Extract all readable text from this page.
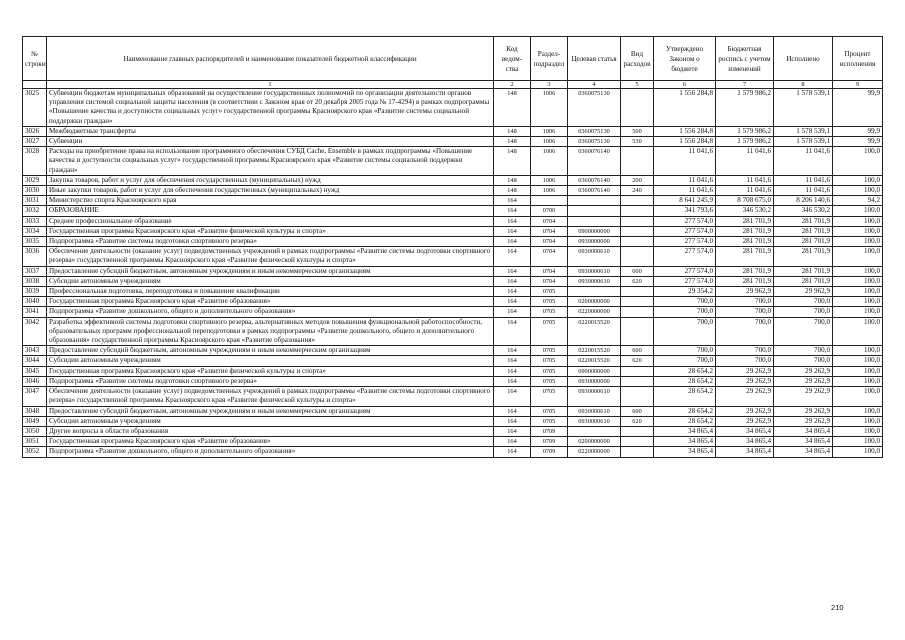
№ строки	Наименование главных распорядителей и наименование показателей бюджетной классификации	Код ведом-ства	Раздел-подраздел	Целевая статья	Вид расходов	Утверждено Законом о бюджете	Бюджетная роспись с учетом изменений	Исполнено	Процент исполнения
	1	2	3	4	5	6	7	8	9
3025	Субвенции бюджетам муниципальных образований на осуществление государственных полномочий по организации деятельности органов управления системой социальной защиты населения (в соответствии с Законом края от 20 декабря 2005 года № 17-4294) в рамках подпрограммы «Повышение качества и доступности социальных услуг» государственной программы Красноярского края «Развитие системы социальной поддержки граждан»	148	1006	0360075130		1 556 284,8	1 579 986,2	1 578 539,1	99,9
3026	Межбюджетные трансферты	148	1006	0360075130	500	1 556 284,8	1 579 986,2	1 578 539,1	99,9
3027	Субвенции	148	1006	0360075130	530	1 556 284,8	1 579 986,2	1 578 539,1	99,9
3028	Расходы на приобретение права на использование программного обеспечения СУБД Cache, Ensemble в рамках подпрограммы «Повышение качества и доступности социальных услуг» государственной программы Красноярского края «Развитие системы социальной поддержки граждан»	148	1006	0360076140		11 041,6	11 041,6	11 041,6	100,0
3029	Закупка товаров, работ и услуг для обеспечения государственных (муниципальных) нужд	148	1006	0360076140	200	11 041,6	11 041,6	11 041,6	100,0
3030	Иные закупки товаров, работ и услуг для обеспечения государственных (муниципальных) нужд	148	1006	0360076140	240	11 041,6	11 041,6	11 041,6	100,0
3031	Министерство спорта Красноярского края	164				8 641 245,9	8 708 675,0	8 206 140,6	94,2
3032	ОБРАЗОВАНИЕ	164	0700			341 793,6	346 530,2	346 530,2	100,0
3033	Среднее профессиональное образование	164	0704			277 574,0	281 701,9	281 701,9	100,0
3034	Государственная программа Красноярского края «Развитие физической культуры и спорта»	164	0704	0900000000		277 574,0	281 701,9	281 701,9	100,0
3035	Подпрограмма «Развитие системы подготовки спортивного резерва»	164	0704	0930000000		277 574,0	281 701,9	281 701,9	100,0
3036	Обеспечение деятельности (оказание услуг) подведомственных учреждений в рамках подпрограммы «Развитие системы подготовки спортивного резерва» государственной программы Красноярского края «Развитие физической культуры и спорта»	164	0704	0930000610		277 574,0	281 701,9	281 701,9	100,0
3037	Предоставление субсидий бюджетным, автономным учреждениям и иным некоммерческим организациям	164	0704	0930000610	600	277 574,0	281 701,9	281 701,9	100,0
3038	Субсидии автономным учреждениям	164	0704	0930000610	620	277 574,0	281 701,9	281 701,9	100,0
3039	Профессиональная подготовка, переподготовка и повышение квалификации	164	0705			29 354,2	29 962,9	29 962,9	100,0
3040	Государственная программа Красноярского края «Развитие образования»	164	0705	0200000000		700,0	700,0	700,0	100,0
3041	Подпрограмма «Развитие дошкольного, общего и дополнительного образования»	164	0705	0220000000		700,0	700,0	700,0	100,0
3042	Разработка эффективной системы подготовки спортивного резерва, альтернативных методов повышения функциональной работоспособности, образовательных программ профессиональной переподготовки в рамках подпрограммы «Развитие дошкольного, общего и дополнительного образования» государственной программы Красноярского края «Развитие образования»	164	0705	0220015520		700,0	700,0	700,0	100,0
3043	Предоставление субсидий бюджетным, автономным учреждениям и иным некоммерческим организациям	164	0705	0220015520	600	700,0	700,0	700,0	100,0
3044	Субсидии автономным учреждениям	164	0705	0220015520	620	700,0	700,0	700,0	100,0
3045	Государственная программа Красноярского края «Развитие физической культуры и спорта»	164	0705	0900000000		28 654,2	29 262,9	29 262,9	100,0
3046	Подпрограмма «Развитие системы подготовки спортивного резерва»	164	0705	0930000000		28 654,2	29 262,9	29 262,9	100,0
3047	Обеспечение деятельности (оказание услуг) подведомственных учреждений в рамках подпрограммы «Развитие системы подготовки спортивного резерва» государственной программы Красноярского края «Развитие физической культуры и спорта»	164	0705	0930000610		28 654,2	29 262,9	29 262,9	100,0
3048	Предоставление субсидий бюджетным, автономным учреждениям и иным некоммерческим организациям	164	0705	0930000610	600	28 654,2	29 262,9	29 262,9	100,0
3049	Субсидии автономным учреждениям	164	0705	0930000610	620	28 654,2	29 262,9	29 262,9	100,0
3050	Другие вопросы в области образования	164	0709			34 865,4	34 865,4	34 865,4	100,0
3051	Государственная программа Красноярского края «Развитие образования»	164	0709	0200000000		34 865,4	34 865,4	34 865,4	100,0
3052	Подпрограмма «Развитие дошкольного, общего и дополнительного образования»	164	0709	0220000000		34 865,4	34 865,4	34 865,4	100,0
210
